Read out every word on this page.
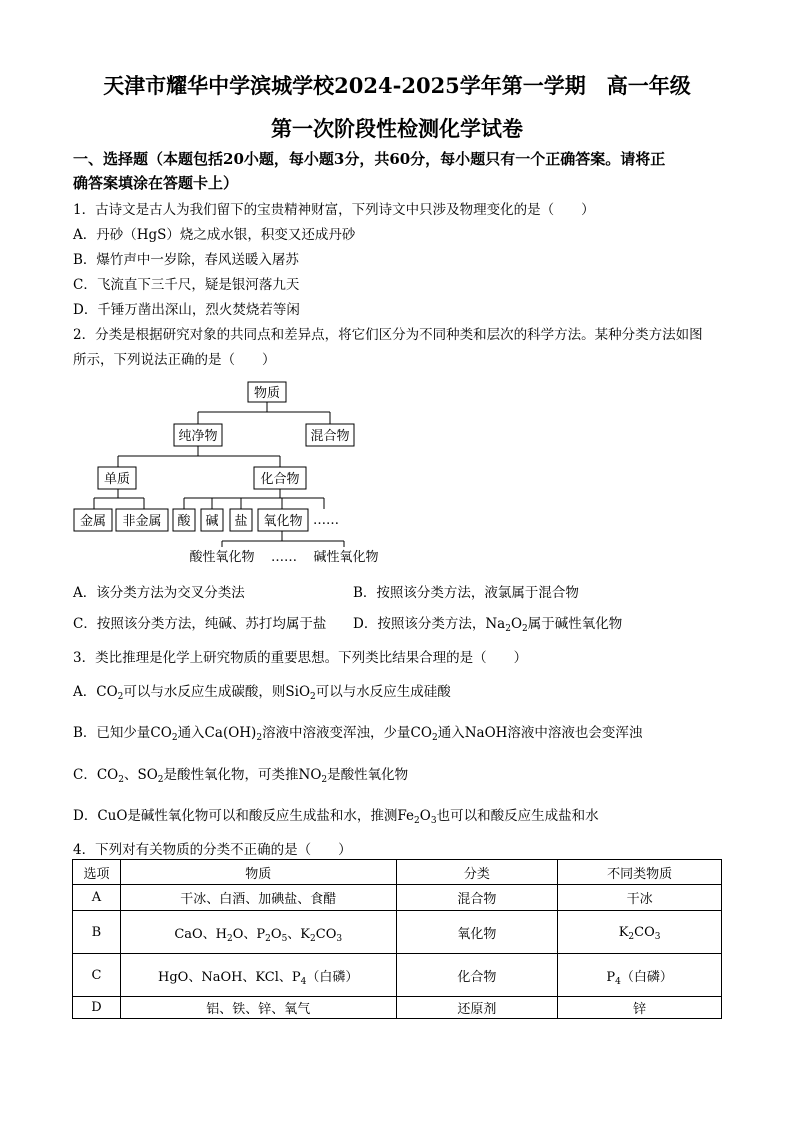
天津市耀华中学滨城学校2024-2025学年第一学期　高一年级
第一次阶段性检测化学试卷
一、选择题（本题包括20小题，每小题3分，共60分，每小题只有一个正确答案。请将正
确答案填涂在答题卡上）
1．古诗文是古人为我们留下的宝贵精神财富，下列诗文中只涉及物理变化的是（　　）
A．丹砂（HgS）烧之成水银，积变又还成丹砂
B．爆竹声中一岁除，春风送暖入屠苏
C．飞流直下三千尺，疑是银河落九天
D．千锤万凿出深山，烈火焚烧若等闲
2．分类是根据研究对象的共同点和差异点，将它们区分为不同种类和层次的科学方法。某种分类方法如图
所示，下列说法正确的是（　　）
物质
纯净物	混合物
单质	化合物
金属 非金属 酸 碱 盐 氧化物 ……
酸性氧化物 …… 碱性氧化物
A．该分类方法为交叉分类法	B．按照该分类方法，液氯属于混合物
C．按照该分类方法，纯碱、苏打均属于盐 D．按照该分类方法，$Na_2O_2$属于碱性氧化物
3．类比推理是化学上研究物质的重要思想。下列类比结果合理的是（　　）
A．$CO_2$可以与水反应生成碳酸，则SiO$_2$可以与水反应生成硅酸
B．已知少量$CO_2$通入$Ca(OH)_2$溶液中溶液变浑浊，少量$CO_2$通入NaOH溶液中溶液也会变浑浊
C．$CO_2$、$SO_2$是酸性氧化物，可类推$NO_2$是酸性氧化物
D．CuO是碱性氧化物可以和酸反应生成盐和水，推测$Fe_2O_3$也可以和酸反应生成盐和水
4．下列对有关物质的分类不正确的是（　　）
选项	物质	分类	不同类物质
A	干冰、白酒、加碘盐、食醋	混合物	干冰
B	CaO、$H_2O$、$P_2O_5$、$K_2CO_3$	氧化物	$K_2CO_3$
C	HgO、NaOH、KCl、$P_4$（白磷）	化合物	$P_4$（白磷）
D	铝、铁、锌、氧气	还原剂	锌
